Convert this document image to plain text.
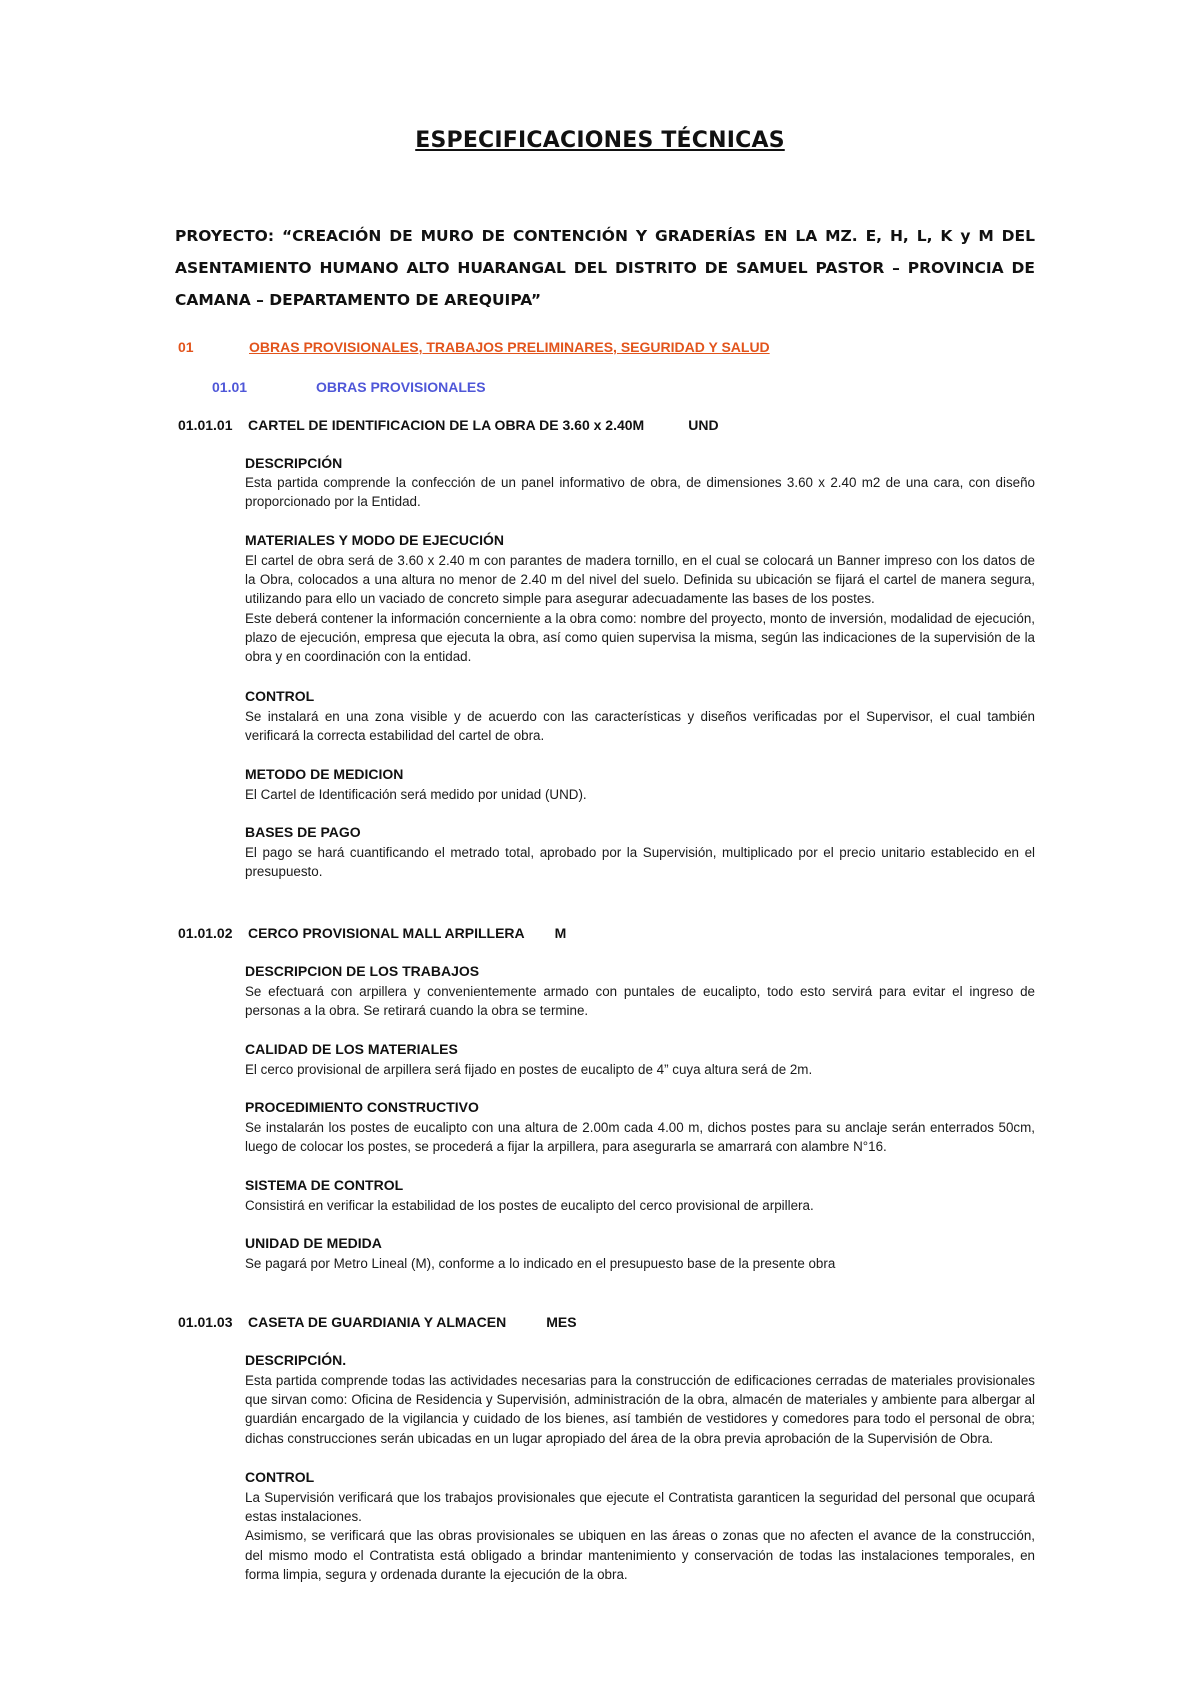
ESPECIFICACIONES TÉCNICAS
PROYECTO: “CREACIÓN DE MURO DE CONTENCIÓN Y GRADERÍAS EN LA MZ. E, H, L, K y M DEL ASENTAMIENTO HUMANO ALTO HUARANGAL DEL DISTRITO DE SAMUEL PASTOR – PROVINCIA DE CAMANA – DEPARTAMENTO DE AREQUIPA”
01	OBRAS PROVISIONALES, TRABAJOS PRELIMINARES, SEGURIDAD Y SALUD
01.01	OBRAS PROVISIONALES
01.01.01 CARTEL DE IDENTIFICACION DE LA OBRA DE 3.60 x 2.40M	UND
DESCRIPCIÓN

Esta partida comprende la confección de un panel informativo de obra, de dimensiones 3.60 x 2.40 m2 de una cara, con diseño proporcionado por la Entidad.

MATERIALES Y MODO DE EJECUCIÓN

El cartel de obra será de 3.60 x 2.40 m con parantes de madera tornillo, en el cual se colocará un Banner impreso con los datos de la Obra, colocados a una altura no menor de 2.40 m del nivel del suelo. Definida su ubicación se fijará el cartel de manera segura, utilizando para ello un vaciado de concreto simple para asegurar adecuadamente las bases de los postes.

Este deberá contener la información concerniente a la obra como: nombre del proyecto, monto de inversión, modalidad de ejecución, plazo de ejecución, empresa que ejecuta la obra, así como quien supervisa la misma, según las indicaciones de la supervisión de la obra y en coordinación con la entidad.

CONTROL

Se instalará en una zona visible y de acuerdo con las características y diseños verificadas por el Supervisor, el cual también verificará la correcta estabilidad del cartel de obra.

METODO DE MEDICION

El Cartel de Identificación será medido por unidad (UND).

BASES DE PAGO

El pago se hará cuantificando el metrado total, aprobado por la Supervisión, multiplicado por el precio unitario establecido en el presupuesto.

01.01.02 CERCO PROVISIONAL MALL ARPILLERA M
DESCRIPCION DE LOS TRABAJOS

Se efectuará con arpillera y convenientemente armado con puntales de eucalipto, todo esto servirá para evitar el ingreso de personas a la obra. Se retirará cuando la obra se termine.

CALIDAD DE LOS MATERIALES

El cerco provisional de arpillera será fijado en postes de eucalipto de 4” cuya altura será de 2m.

PROCEDIMIENTO CONSTRUCTIVO

Se instalarán los postes de eucalipto con una altura de 2.00m cada 4.00 m, dichos postes para su anclaje serán enterrados 50cm, luego de colocar los postes, se procederá a fijar la arpillera, para asegurarla se amarrará con alambre N°16.

SISTEMA DE CONTROL

Consistirá en verificar la estabilidad de los postes de eucalipto del cerco provisional de arpillera.

UNIDAD DE MEDIDA

Se pagará por Metro Lineal (M), conforme a lo indicado en el presupuesto base de la presente obra

01.01.03 CASETA DE GUARDIANIA Y ALMACEN	MES
DESCRIPCIÓN.

Esta partida comprende todas las actividades necesarias para la construcción de edificaciones cerradas de materiales provisionales que sirvan como: Oficina de Residencia y Supervisión, administración de la obra, almacén de materiales y ambiente para albergar al guardián encargado de la vigilancia y cuidado de los bienes, así también de vestidores y comedores para todo el personal de obra; dichas construcciones serán ubicadas en un lugar apropiado del área de la obra previa aprobación de la Supervisión de Obra.

CONTROL

La Supervisión verificará que los trabajos provisionales que ejecute el Contratista garanticen la seguridad del personal que ocupará estas instalaciones.

Asimismo, se verificará que las obras provisionales se ubiquen en las áreas o zonas que no afecten el avance de la construcción, del mismo modo el Contratista está obligado a brindar mantenimiento y conservación de todas las instalaciones temporales, en forma limpia, segura y ordenada durante la ejecución de la obra.
